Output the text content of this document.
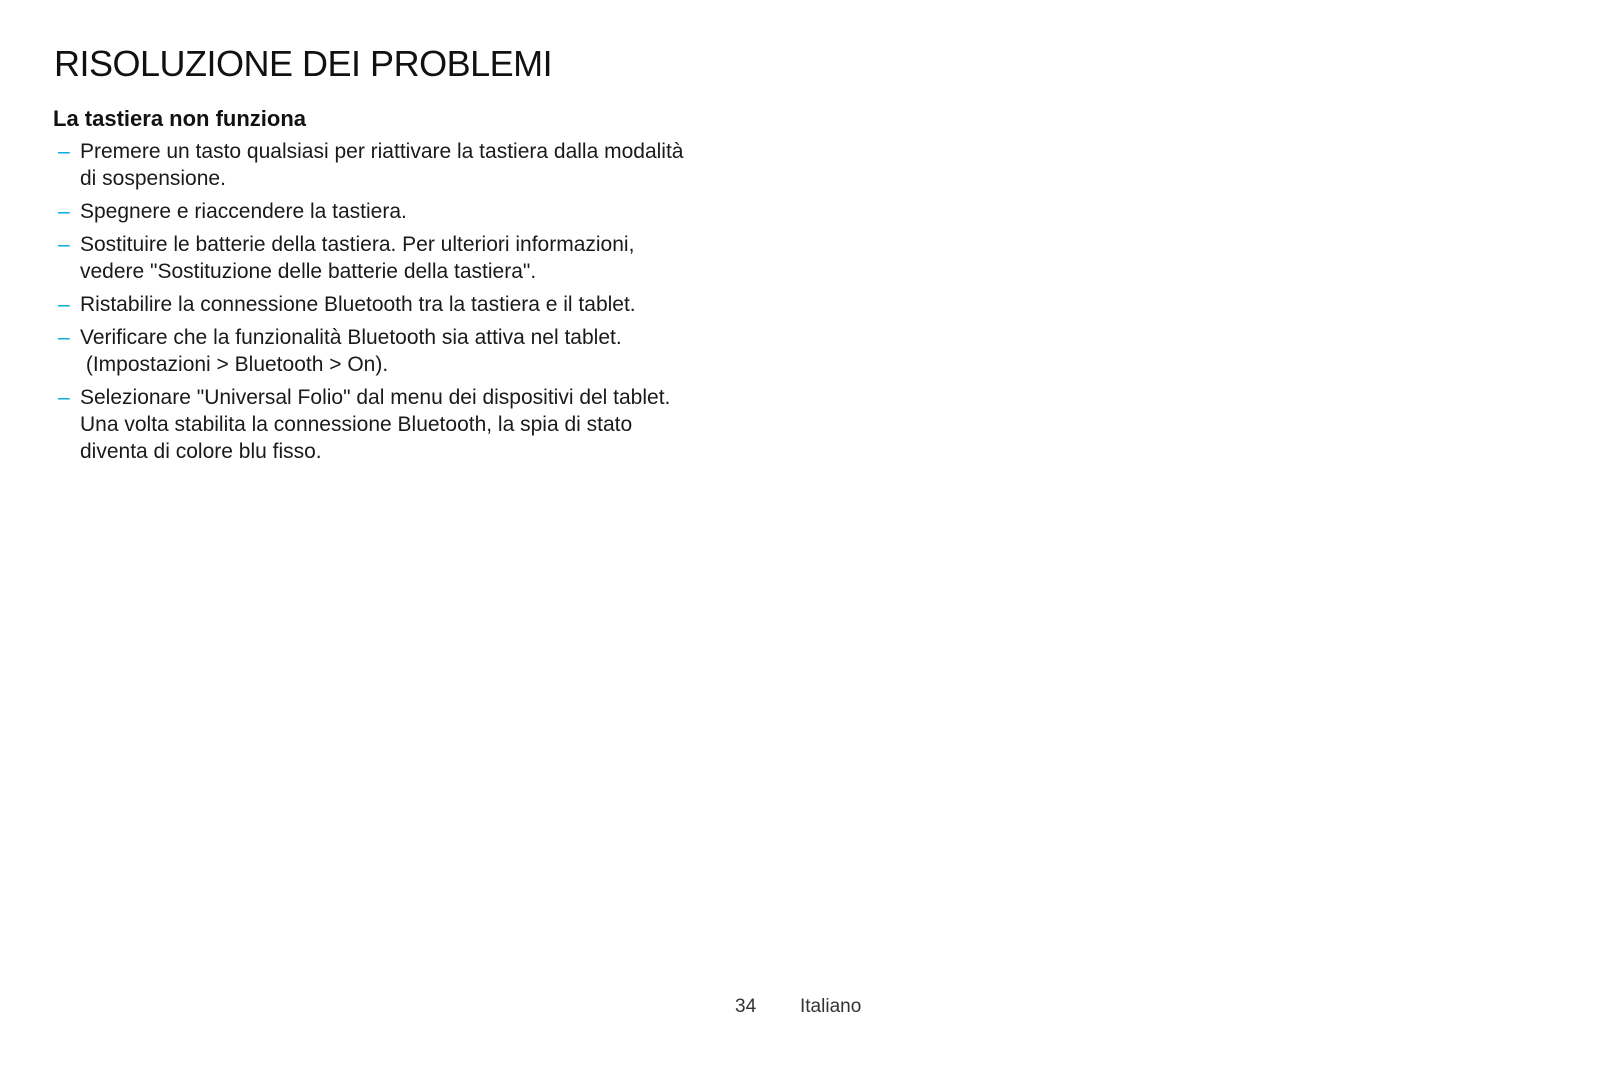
RISOLUZIONE DEI PROBLEMI
La tastiera non funziona
– Premere un tasto qualsiasi per riattivare la tastiera dalla modalità
di sospensione.
– Spegnere e riaccendere la tastiera.
– Sostituire le batterie della tastiera. Per ulteriori informazioni,
vedere "Sostituzione delle batterie della tastiera".
– Ristabilire la connessione Bluetooth tra la tastiera e il tablet.
– Verificare che la funzionalità Bluetooth sia attiva nel tablet.
(Impostazioni > Bluetooth > On).
– Selezionare "Universal Folio" dal menu dei dispositivi del tablet.
Una volta stabilita la connessione Bluetooth, la spia di stato
diventa di colore blu fisso.
34 Italiano
